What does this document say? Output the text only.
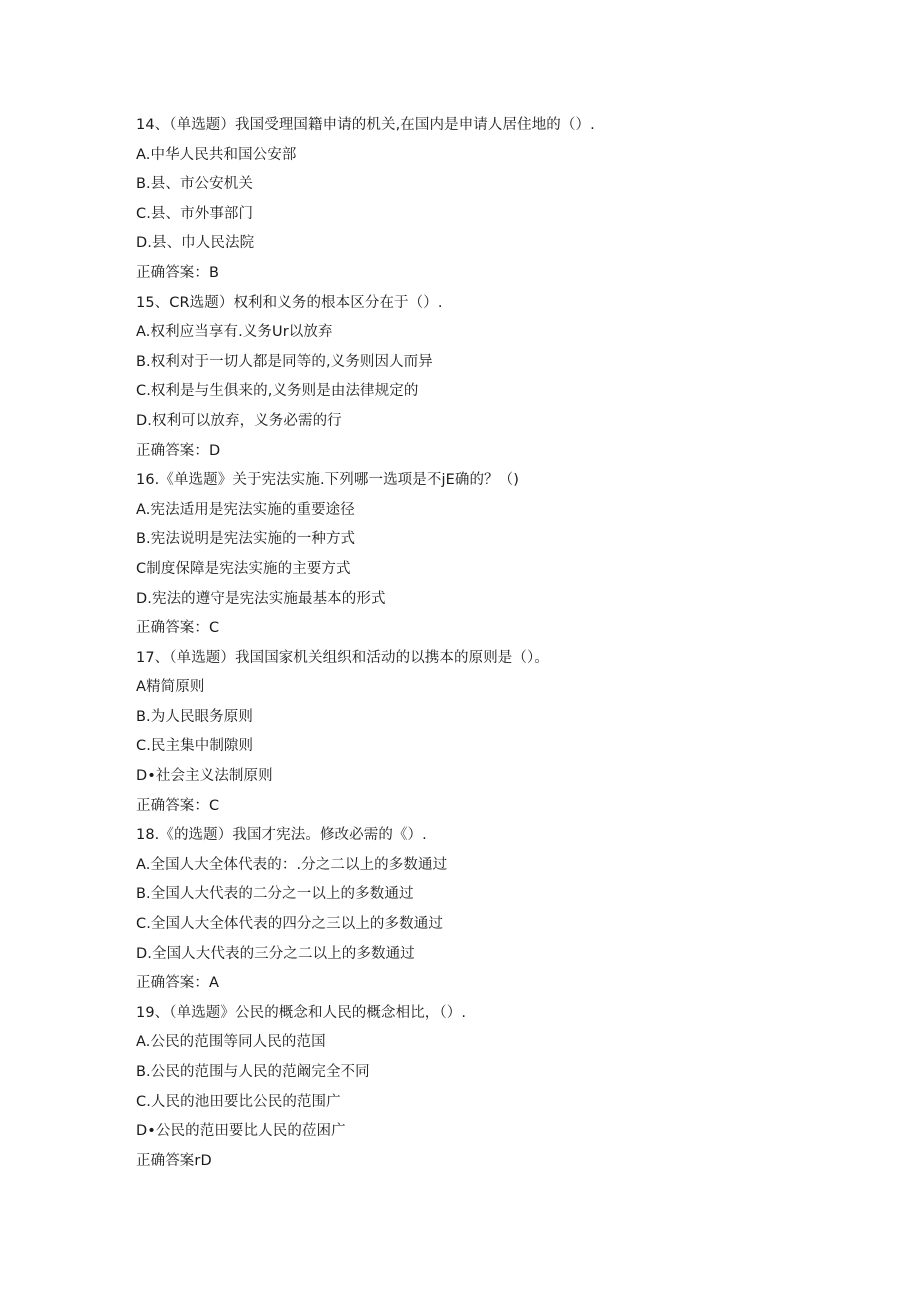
14、（单选题）我国受理国籍申请的机关,在国内是申请人居住地的（）.
A.中华人民共和国公安部
B.县、市公安机关
C.县、市外事部门
D.县、巾人民法院
正确答案：B
15、CR选题）权利和义务的根本区分在于（）.
A.权利应当享有.义务Ur以放弃
B.权利对于一切人都是同等的,义务则因人而异
C.权利是与生俱来的,义务则是由法律规定的
D.权利可以放弃，义务必需的行
正确答案：D
16.《单选题》关于宪法实施.下列哪一选项是不jE确的？（)
A.宪法适用是宪法实施的重要途径
B.宪法说明是宪法实施的一种方式
C制度保障是宪法实施的主要方式
D.宪法的遵守是宪法实施最基本的形式
正确答案：C
17、（单选题）我国国家机关组织和活动的以携本的原则是（）。
A精简原则
B.为人民眼务原则
C.民主集中制隙则
D•社会主义法制原则
正确答案：C
18.《的选题）我国才宪法。修改必需的《）.
A.全国人大全体代表的：.分之二以上的多数通过
B.全国人大代表的二分之一以上的多数通过
C.全国人大全体代表的四分之三以上的多数通过
D.全国人大代表的三分之二以上的多数通过
正确答案：A
19、（单选题》公民的概念和人民的概念相比，（）.
A.公民的范围等同人民的范国
B.公民的范围与人民的范阚完全不同
C.人民的池田要比公民的范围广
D•公民的范田要比人民的莅困广
正确答案rD
